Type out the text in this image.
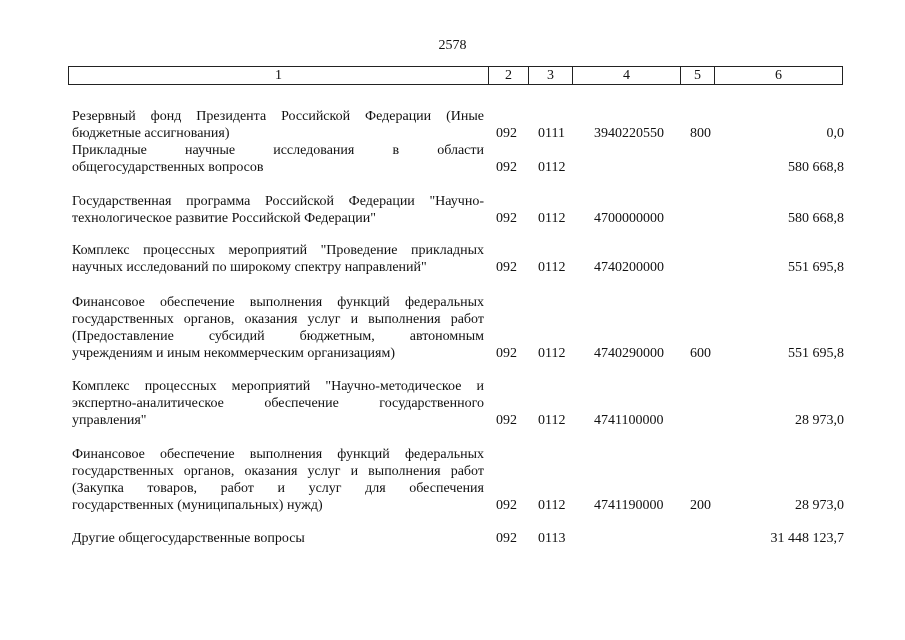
2578
1	2	3	4	5	6
Резервный фонд Президента Российской Федерации (Иные
бюджетные ассигнования)	092 0111 3940220550 800	0,0
Прикладные научные исследования в области
общегосударственных вопросов	092 0112	580 668,8
Государственная программа Российской Федерации "Научно-
технологическое развитие Российской Федерации"	092 0112 4700000000	580 668,8
Комплекс процессных мероприятий "Проведение прикладных
научных исследований по широкому спектру направлений"	092 0112 4740200000	551 695,8
Финансовое обеспечение выполнения функций федеральных
государственных органов, оказания услуг и выполнения работ
(Предоставление субсидий бюджетным, автономным
учреждениям и иным некоммерческим организациям)	092 0112 4740290000 600	551 695,8
Комплекс процессных мероприятий "Научно-методическое и
экспертно-аналитическое обеспечение государственного
управления"	092 0112 4741100000	28 973,0
Финансовое обеспечение выполнения функций федеральных
государственных органов, оказания услуг и выполнения работ
(Закупка товаров, работ и услуг для обеспечения
государственных (муниципальных) нужд)	092 0112 4741190000 200	28 973,0
Другие общегосударственные вопросы	092 0113	31 448 123,7
